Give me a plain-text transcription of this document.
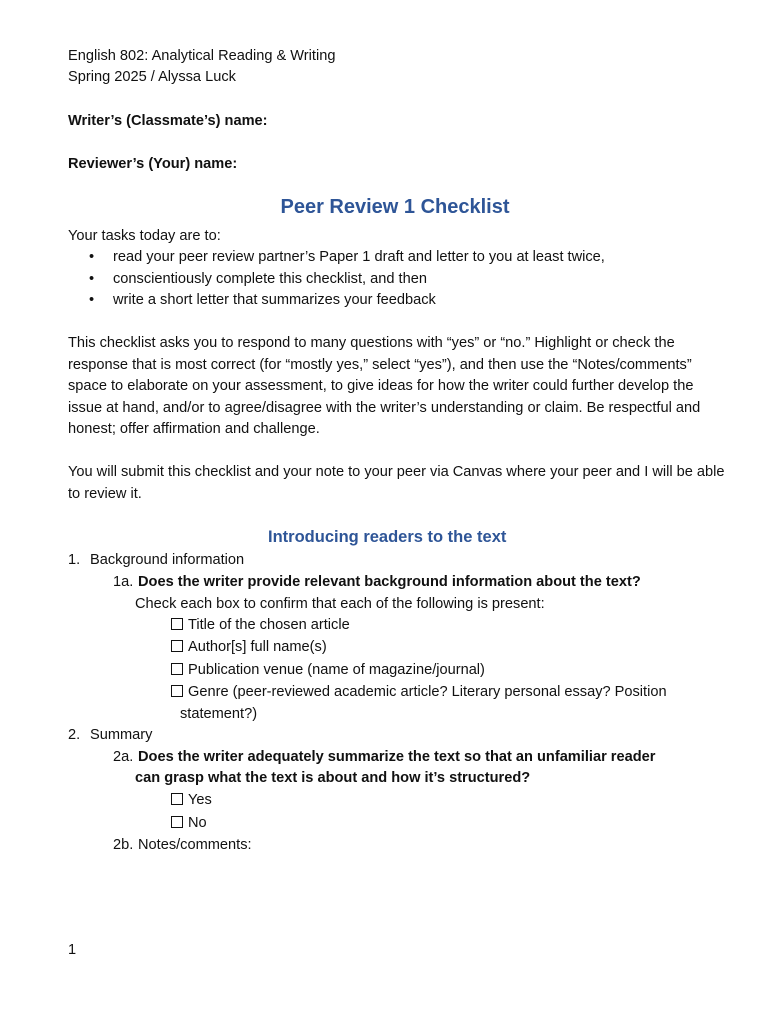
English 802: Analytical Reading & Writing
Spring 2025 / Alyssa Luck
Writer’s (Classmate’s) name:
Reviewer’s (Your) name:
Peer Review 1 Checklist
Your tasks today are to:
• read your peer review partner’s Paper 1 draft and letter to you at least twice,
• conscientiously complete this checklist, and then
• write a short letter that summarizes your feedback

This checklist asks you to respond to many questions with “yes” or “no.” Highlight or check the response that is most correct (for “mostly yes,” select “yes”), and then use the “Notes/comments” space to elaborate on your assessment, to give ideas for how the writer could further develop the issue at hand, and/or to agree/disagree with the writer’s understanding or claim. Be respectful and honest; offer affirmation and challenge.

You will submit this checklist and your note to your peer via Canvas where your peer and I will be able to review it.

Introducing readers to the text
1. Background information
1a. Does the writer provide relevant background information about the text?
Check each box to confirm that each of the following is present:
Title of the chosen article
Author[s] full name(s)
Publication venue (name of magazine/journal)
Genre (peer-reviewed academic article? Literary personal essay? Position
statement?)
2. Summary
2a. Does the writer adequately summarize the text so that an unfamiliar reader
can grasp what the text is about and how it’s structured?
Yes
No
2b. Notes/comments:
1
